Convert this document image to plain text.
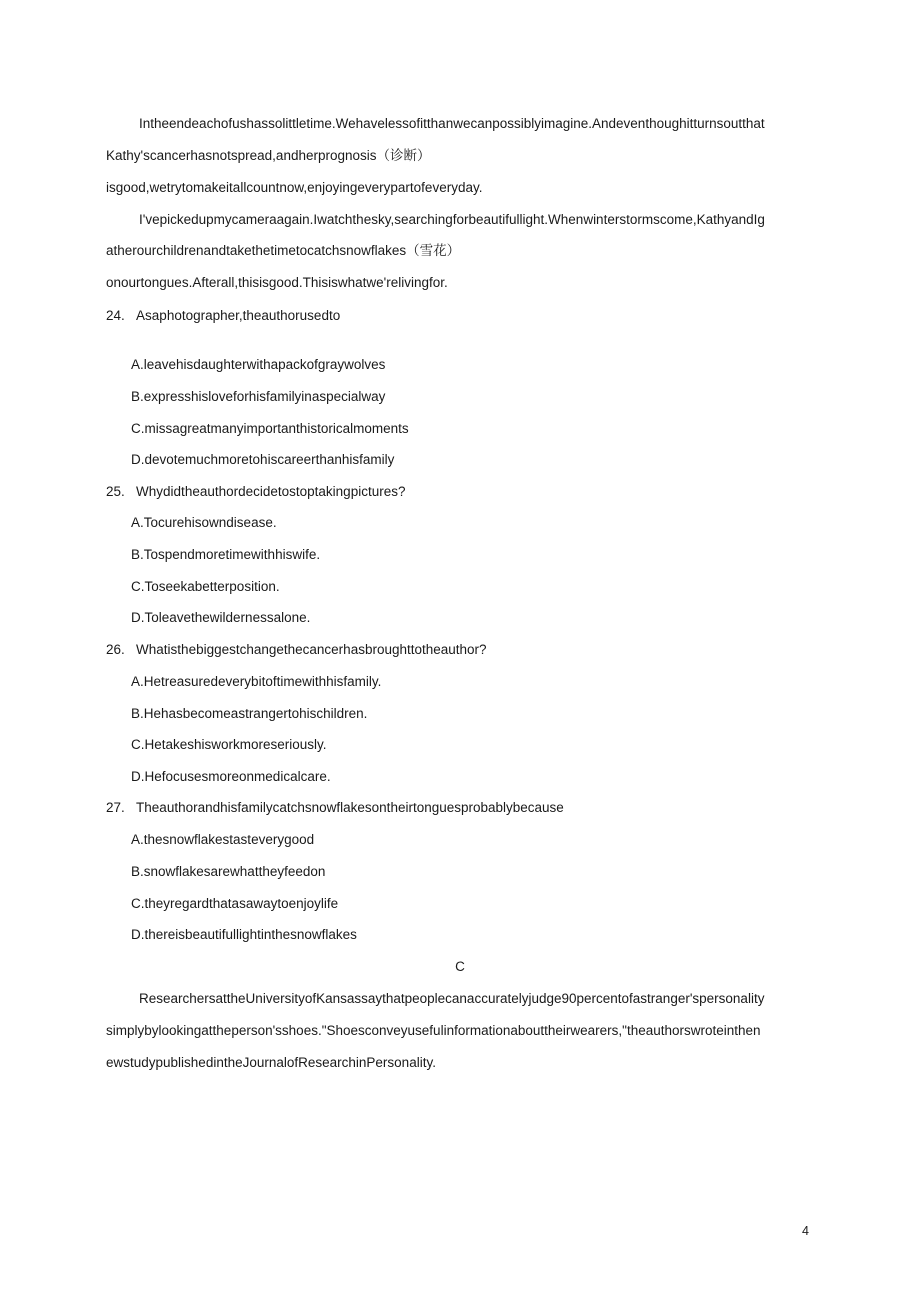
Intheendeachofushassolittletime.Wehavelessofitthanwecanpossiblyimagine.Andeventhoughitturnsoutthat
Kathy'scancerhasnotspread,andherprognosis（诊断）
isgood,wetrytomakeitallcountnow,enjoyingeverypartofeveryday.
I'vepickedupmycameraagain.Iwatchthesky,searchingforbeautifullight.Whenwinterstormscome,KathyandIg
atherourchildrenandtakethetimetocatchsnowflakes（雪花）
onourtongues.Afterall,thisisgood.Thisiswhatwe'relivingfor.
24. Asaphotographer,theauthorusedto
A.leavehisdaughterwithapackofgraywolves
B.expresshisloveforhisfamilyinaspecialway
C.missagreatmanyimportanthistoricalmoments
D.devotemuchmoretohiscareerthanhisfamily
25. Whydidtheauthordecidetostoptakingpictures?
A.Tocurehisowndisease.
B.Tospendmoretimewithhiswife.
C.Toseekabetterposition.
D.Toleavethewildernessalone.
26. Whatisthebiggestchangethecancerhasbroughttotheauthor?
A.Hetreasuredeverybitoftimewithhisfamily.
B.Hehasbecomeastrangertohischildren.
C.Hetakeshisworkmoreseriously.
D.Hefocusesmoreonmedicalcare.
27. Theauthorandhisfamilycatchsnowflakesontheirtonguesprobablybecause
A.thesnowflakestasteverygood
B.snowflakesarewhattheyfeedon
C.theyregardthatasawaytoenjoylife
D.thereisbeautifullightinthesnowflakes
C
ResearchersattheUniversityofKansassaythatpeoplecanaccuratelyjudge90percentofastranger'spersonality
simplybylookingattheperson'sshoes."Shoesconveyusefulinformationabouttheirwearers,"theauthorswroteinthen
ewstudypublishedintheJournalofResearchinPersonality.
4
